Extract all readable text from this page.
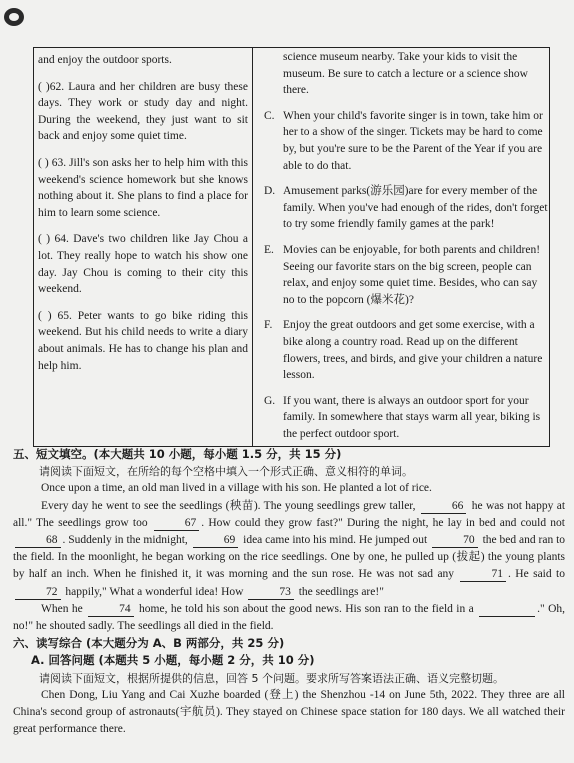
and enjoy the outdoor sports.

( )62. Laura and her children are busy these days. They work or study day and night. During the weekend, they just want to sit back and enjoy some quiet time.

( ) 63. Jill's son asks her to help him with this weekend's science homework but she knows nothing about it. She plans to find a place for him to learn some science.

( ) 64. Dave's two children like Jay Chou a lot. They really hope to watch his show one day. Jay Chou is coming to their city this weekend.

( ) 65. Peter wants to go bike riding this weekend. But his child needs to write a diary about animals. He has to change his plan and help him.

science museum nearby. Take your kids to visit the museum. Be sure to catch a lecture or a science show there.

C. When your child's favorite singer is in town, take him or her to a show of the singer. Tickets may be hard to come by, but you're sure to be the Parent of the Year if you are able to do that.

D. Amusement parks(游乐园)are for every member of the family. When you've had enough of the rides, don't forget to try some friendly family games at the park!

E. Movies can be enjoyable, for both parents and children! Seeing our favorite stars on the big screen, people can relax, and enjoy some quiet time. Besides, who can say no to the popcorn (爆米花)?

F. Enjoy the great outdoors and get some exercise, with a bike along a country road. Read up on the different flowers, trees, and birds, and give your children a nature lesson.

G. If you want, there is always an outdoor sport for your family. In somewhere that stays warm all year, biking is the perfect outdoor sport.

五、短文填空。(本大题共 10 小题，每小题 1.5 分，共 15 分)

请阅读下面短文，在所给的每个空格中填入一个形式正确、意义相符的单词。

Once upon a time, an old man lived in a village with his son. He planted a lot of rice.

Every day he went to see the seedlings (秧苗). The young seedlings grew taller,	66 he was not happy at all." The seedlings grow too	67 . How could they grow fast?" During the night, he lay in bed and could not 68 . Suddenly in the midnight,	69 idea came into his mind. He jumped out	70 the bed and ran to the field. In the moonlight, he began working on the rice seedlings. One by one, he pulled up (拔起) the young plants by half an inch. When he finished it, it was morning and the sun rose. He was not sad any	71 . He said to 72 happily," What a wonderful idea! How	73 the seedlings are!"

When he	74 home, he told his son about the good news. His son ran to the field in a	." Oh, no!" he shouted sadly. The seedlings all died in the field.

六、读写综合 (本大题分为 A、B 两部分，共 25 分)

A. 回答问题 (本题共 5 小题，每小题 2 分，共 10 分)

请阅读下面短文，根据所提供的信息，回答 5 个问题。要求所写答案语法正确、语义完整切题。

Chen Dong, Liu Yang and Cai Xuzhe boarded (登上) the Shenzhou -14 on June 5th, 2022. They three are all China's second group of astronauts(宇航员). They stayed on Chinese space station for 180 days. We all watched their great performance there.
